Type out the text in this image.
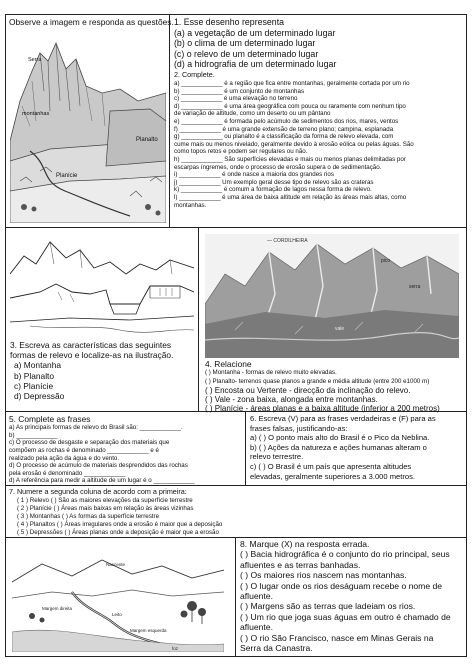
Observe a imagem e responda as questões.
Serra
montanhas
Planalto
Planície
1. Esse desenho representa
(a) a vegetação de um determinado lugar
(b) o clima de um determinado lugar
(c) o relevo de um determinado lugar
(d) a hidrografia de um determinado lugar
2. Complete.
a) ____________ é a região que fica entre montanhas, geralmente cortada por um rio
b) ____________ é um conjunto de montanhas
c) ____________ é uma elevação no terreno
d) ____________ é uma área geográfica com pouca ou raramente com nenhum tipo
de variação de altitude, como um deserto ou um pântano
e) ____________ é formada pelo acúmulo de sedimentos dos rios, mares, ventos
f) ____________ é uma grande extensão de terreno plano; campina, esplanada
g) ____________ ou planalto é a classificação da forma de relevo elevada, com
cume mais ou menos nivelado, geralmente devido à erosão eólica ou pelas águas. São
como topos retos e podem ser regulares ou não.
h) ____________ São superfícies elevadas e mais ou menos planas delimitadas por
escarpas íngremes, onde o processo de erosão supera o de sedimentação.
i) ____________ é onde nasce a maioria dos grandes rios
j) ____________ Um exemplo geral desse tipo de relevo são as crateras
k) ____________ é comum a formação de lagos nessa forma de relevo.
l) ____________ é uma área de baixa altitude em relação às áreas mais altas, como
montanhas.
3. Escreva as características das seguintes
formas de relevo e localize-as na ilustração.
a) Montanha
b) Planalto
c) Planície
d) Depressão
— CORDILHEIRA
pico
serra
vale
4. Relacione
( ) Montanha - formas de relevo muito elevadas.
( ) Planalto- terrenos quase planos a grande e média altitude (entre 200 e1000 m)
( ) Encosta ou Vertente - direcção da inclinação do relevo.
( ) Vale - zona baixa, alongada entre montanhas.
( ) Planície - áreas planas e a baixa altitude (inferior a 200 metros)
5. Complete as frases
a) As principais formas de relevo do Brasil são: ____________.
b) ____________
c) O processo de desgaste e separação dos materiais que
compõem as rochas é denominado ____________ e é
realizado pela ação da água e do vento.
d) O processo de acúmulo de materiais desprendidos das rochas
pela erosão é denominado ____________
d) A referência para medir a altitude de um lugar é o ____________
6. Escreva (V) para as frases verdadeiras e (F) para as
frases falsas, justificando-as:
a) ( ) O ponto mais alto do Brasil é o Pico da Neblina.
b) ( ) Ações da natureza e ações humanas alteram o
relevo terrestre.
c) ( ) O Brasil é um país que apresenta altitudes
elevadas, geralmente superiores a 3.000 metros.
7. Numere a segunda coluna de acordo com a primeira:
( 1 ) Relevo ( ) São as maiores elevações da superfície terrestre
( 2 ) Planície ( ) Áreas mais baixas em relação às áreas vizinhas
( 3 ) Montanhas ( ) As formas da superfície terrestre
( 4 ) Planaltos ( ) Áreas irregulares onde a erosão é maior que a deposição
( 5 ) Depressões ( ) Áreas planas onde a deposição é maior que a erosão
Nascente
Margem direita
Leito
Margem esquerda
foz
8. Marque (X) na resposta errada.
( ) Bacia hidrográfica é o conjunto do rio principal, seus
afluentes e as terras banhadas.
( ) Os maiores rios nascem nas montanhas.
( ) O lugar onde os rios deságuam recebe o nome de
afluente.
( ) Margens são as terras que ladeiam os rios.
( ) Um rio que joga suas águas em outro é chamado de
afluente.
( ) O rio São Francisco, nasce em Minas Gerais na
Serra da Canastra.
